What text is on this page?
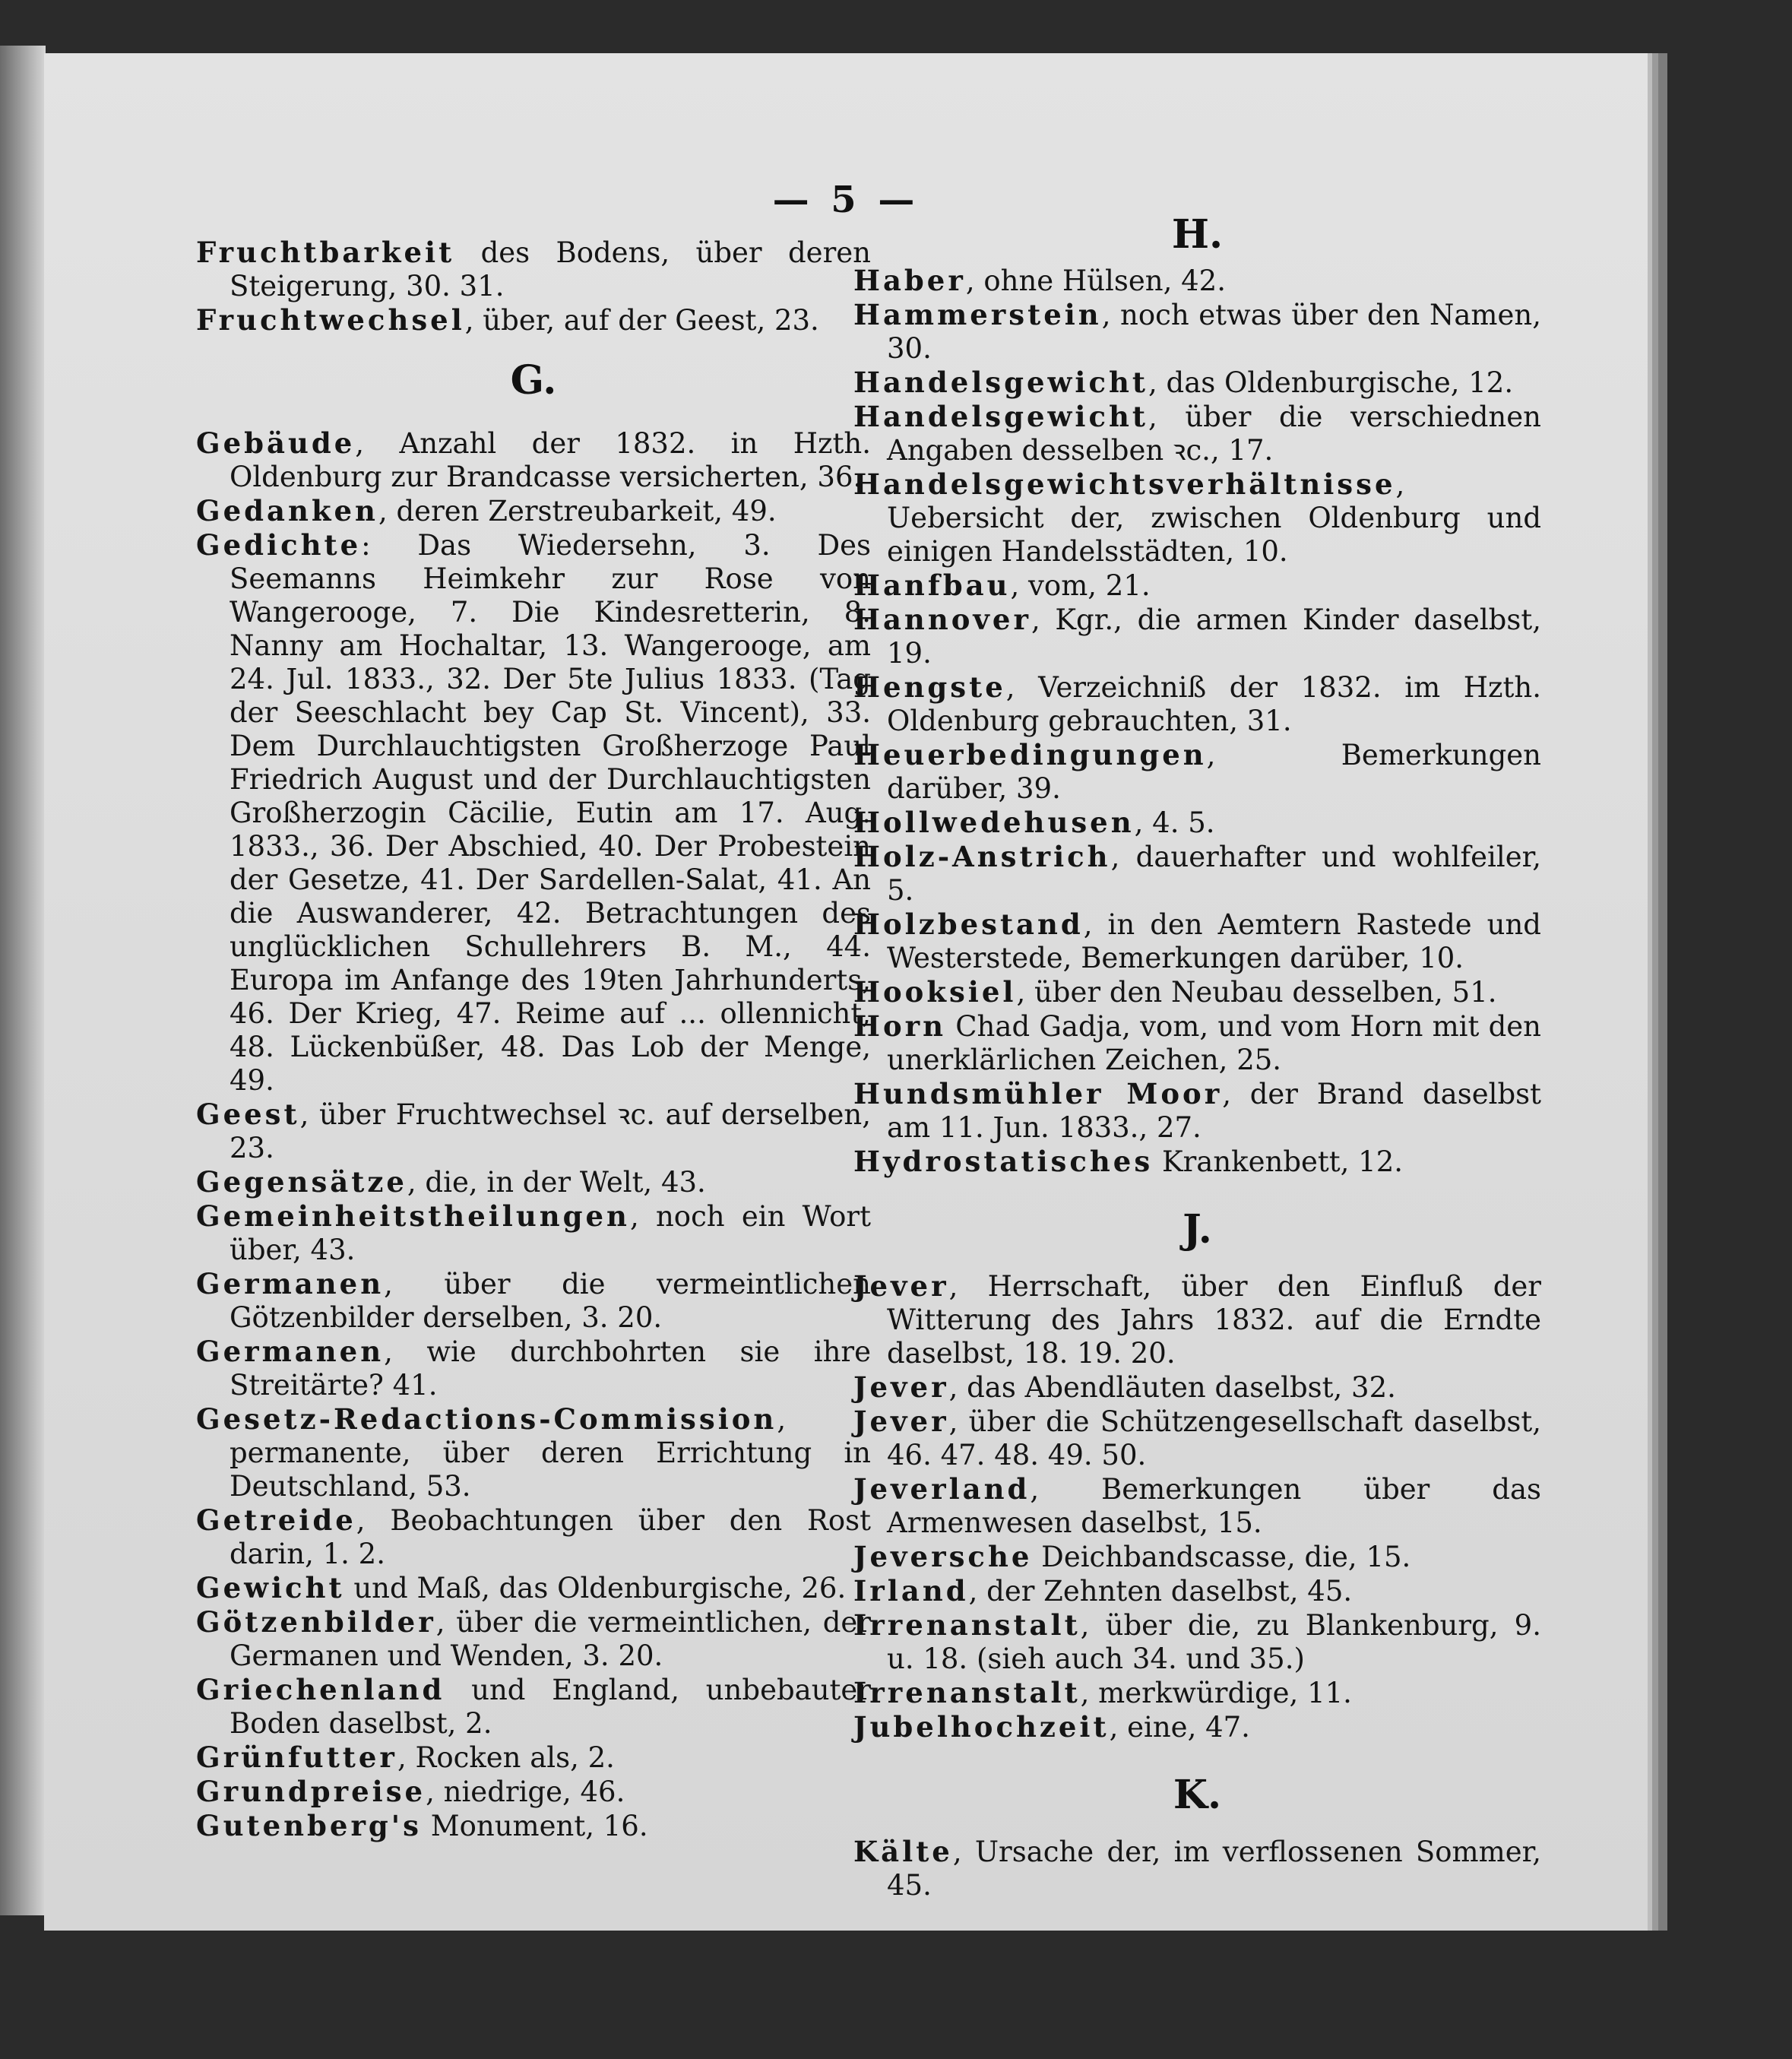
— 5 —
Fruchtbarkeit des Bodens, über deren Steigerung, 30. 31.
Fruchtwechsel, über, auf der Geest, 23.
G.
Gebäude, Anzahl der 1832. in Hzth. Oldenburg zur Brandcasse versicherten, 36.
Gedanken, deren Zerstreubarkeit, 49.
Gedichte: Das Wiedersehn, 3. Des Seemanns Heimkehr zur Rose von Wangerooge, 7. Die Kindesretterin, 8. Nanny am Hochaltar, 13. Wangerooge, am 24. Jul. 1833., 32. Der 5te Julius 1833. (Tag der Seeschlacht bey Cap St. Vincent), 33. Dem Durchlauchtigsten Großherzoge Paul Friedrich August und der Durchlauchtigsten Großherzogin Cäcilie, Eutin am 17. Aug. 1833., 36. Der Abschied, 40. Der Probestein der Gesetze, 41. Der Sardellen-Salat, 41. An die Auswanderer, 42. Betrachtungen des unglücklichen Schullehrers B. M., 44. Europa im Anfange des 19ten Jahrhunderts, 46. Der Krieg, 47. Reime auf ... ollennicht, 48. Lückenbüßer, 48. Das Lob der Menge, 49.
Geest, über Fruchtwechsel ꝛc. auf derselben, 23.
Gegensätze, die, in der Welt, 43.
Gemeinheitstheilungen, noch ein Wort über, 43.
Germanen, über die vermeintlichen Götzenbilder derselben, 3. 20.
Germanen, wie durchbohrten sie ihre Streitärte? 41.
Gesetz-Redactions-Commission, permanente, über deren Errichtung in Deutschland, 53.
Getreide, Beobachtungen über den Rost darin, 1. 2.
Gewicht und Maß, das Oldenburgische, 26.
Götzenbilder, über die vermeintlichen, der Germanen und Wenden, 3. 20.
Griechenland und England, unbebauter Boden daselbst, 2.
Grünfutter, Rocken als, 2.
Grundpreise, niedrige, 46.
Gutenberg's Monument, 16.
H.
Haber, ohne Hülsen, 42.
Hammerstein, noch etwas über den Namen, 30.
Handelsgewicht, das Oldenburgische, 12.
Handelsgewicht, über die verschiednen Angaben desselben ꝛc., 17.
Handelsgewichtsverhältnisse, Uebersicht der, zwischen Oldenburg und einigen Handelsstädten, 10.
Hanfbau, vom, 21.
Hannover, Kgr., die armen Kinder daselbst, 19.
Hengste, Verzeichniß der 1832. im Hzth. Oldenburg gebrauchten, 31.
Heuerbedingungen, Bemerkungen darüber, 39.
Hollwedehusen, 4. 5.
Holz-Anstrich, dauerhafter und wohlfeiler, 5.
Holzbestand, in den Aemtern Rastede und Westerstede, Bemerkungen darüber, 10.
Hooksiel, über den Neubau desselben, 51.
Horn Chad Gadja, vom, und vom Horn mit den unerklärlichen Zeichen, 25.
Hundsmühler Moor, der Brand daselbst am 11. Jun. 1833., 27.
Hydrostatisches Krankenbett, 12.
J.
Jever, Herrschaft, über den Einfluß der Witterung des Jahrs 1832. auf die Erndte daselbst, 18. 19. 20.
Jever, das Abendläuten daselbst, 32.
Jever, über die Schützengesellschaft daselbst, 46. 47. 48. 49. 50.
Jeverland, Bemerkungen über das Armenwesen daselbst, 15.
Jeversche Deichbandscasse, die, 15.
Irland, der Zehnten daselbst, 45.
Irrenanstalt, über die, zu Blankenburg, 9. u. 18. (sieh auch 34. und 35.)
Irrenanstalt, merkwürdige, 11.
Jubelhochzeit, eine, 47.
K.
Kälte, Ursache der, im verflossenen Sommer, 45.
